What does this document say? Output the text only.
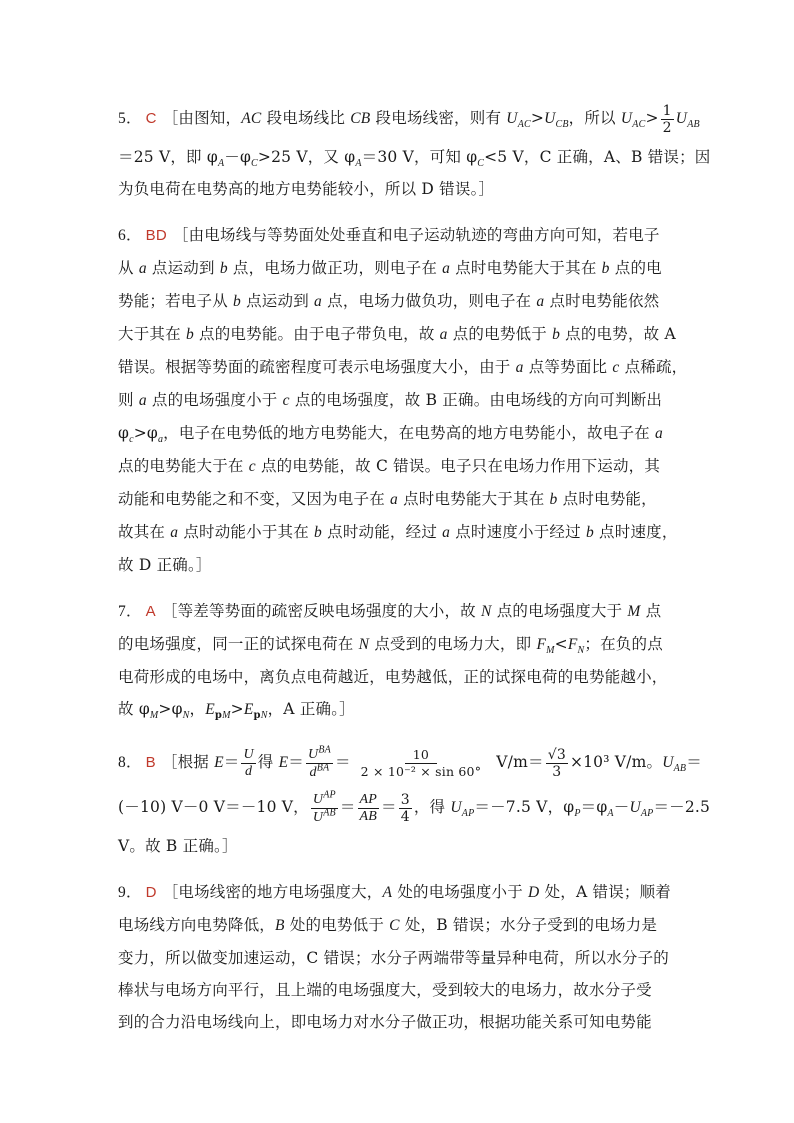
5． C ［由图知，AC 段电场线比 CB 段电场线密，则有 $U_{AC}>U_{CB}$，所以 $U_{AC}> \frac{1}{2} U_{AB}$
＝25 V，即 $\varphi_A-\varphi_C>25$ V，又 $\varphi_A=30$ V，可知 $\varphi_C<5$ V，C 正确，A、B 错误；因
为负电荷在电势高的地方电势能较小，所以 D 错误。］
6． BD ［由电场线与等势面处处垂直和电子运动轨迹的弯曲方向可知，若电子
从 a 点运动到 b 点，电场力做正功，则电子在 a 点时电势能大于其在 b 点的电
势能；若电子从 b 点运动到 a 点，电场力做负功，则电子在 a 点时电势能依然
大于其在 b 点的电势能。由于电子带负电，故 a 点的电势低于 b 点的电势，故 A
错误。根据等势面的疏密程度可表示电场强度大小，由于 a 点等势面比 c 点稀疏，
则 a 点的电场强度小于 c 点的电场强度，故 B 正确。由电场线的方向可判断出
$\varphi_c>\varphi_a$，电子在电势低的地方电势能大，在电势高的地方电势能小，故电子在 a
点的电势能大于在 c 点的电势能，故 C 错误。电子只在电场力作用下运动，其
动能和电势能之和不变，又因为电子在 a 点时电势能大于其在 b 点时电势能，
故其在 a 点时动能小于其在 b 点时动能，经过 a 点时速度小于经过 b 点时速度，
故 D 正确。］
7． A ［等差等势面的疏密反映电场强度的大小，故 N 点的电场强度大于 M 点
的电场强度，同一正的试探电荷在 N 点受到的电场力大，即 $F_M<F_N$；在负的点
电荷形成的电场中，离负点电荷越近，电势越低，正的试探电荷的电势能越小，
故 $\varphi_M>\varphi_N$，$E_{pM}>E_{pN}$，A 正确。］
8． B ［根据 $E= \frac{U}{d}$ 得 $E= \frac{U^{BA}}{d^{BA}} = \frac{10}{\text{2 × 10⁻² × sin 60°}} V/m= \frac{√3}{3} \times 10^3$ V/m。$U_{AB}=$
(－10) V－0 V＝－10 V， $\frac{U^{AP}}{U^{AB}} = \frac{AP}{AB} = \frac{3}{4}$ ，得 $U_{AP}=-7.5$ V，$\varphi_P=\varphi_A-U_{AP}=-2.5$
V。故 B 正确。］
9． D ［电场线密的地方电场强度大，A 处的电场强度小于 D 处，A 错误；顺着
电场线方向电势降低，B 处的电势低于 C 处，B 错误；水分子受到的电场力是
变力，所以做变加速运动，C 错误；水分子两端带等量异种电荷，所以水分子的
棒状与电场方向平行，且上端的电场强度大，受到较大的电场力，故水分子受
到的合力沿电场线向上，即电场力对水分子做正功，根据功能关系可知电势能
